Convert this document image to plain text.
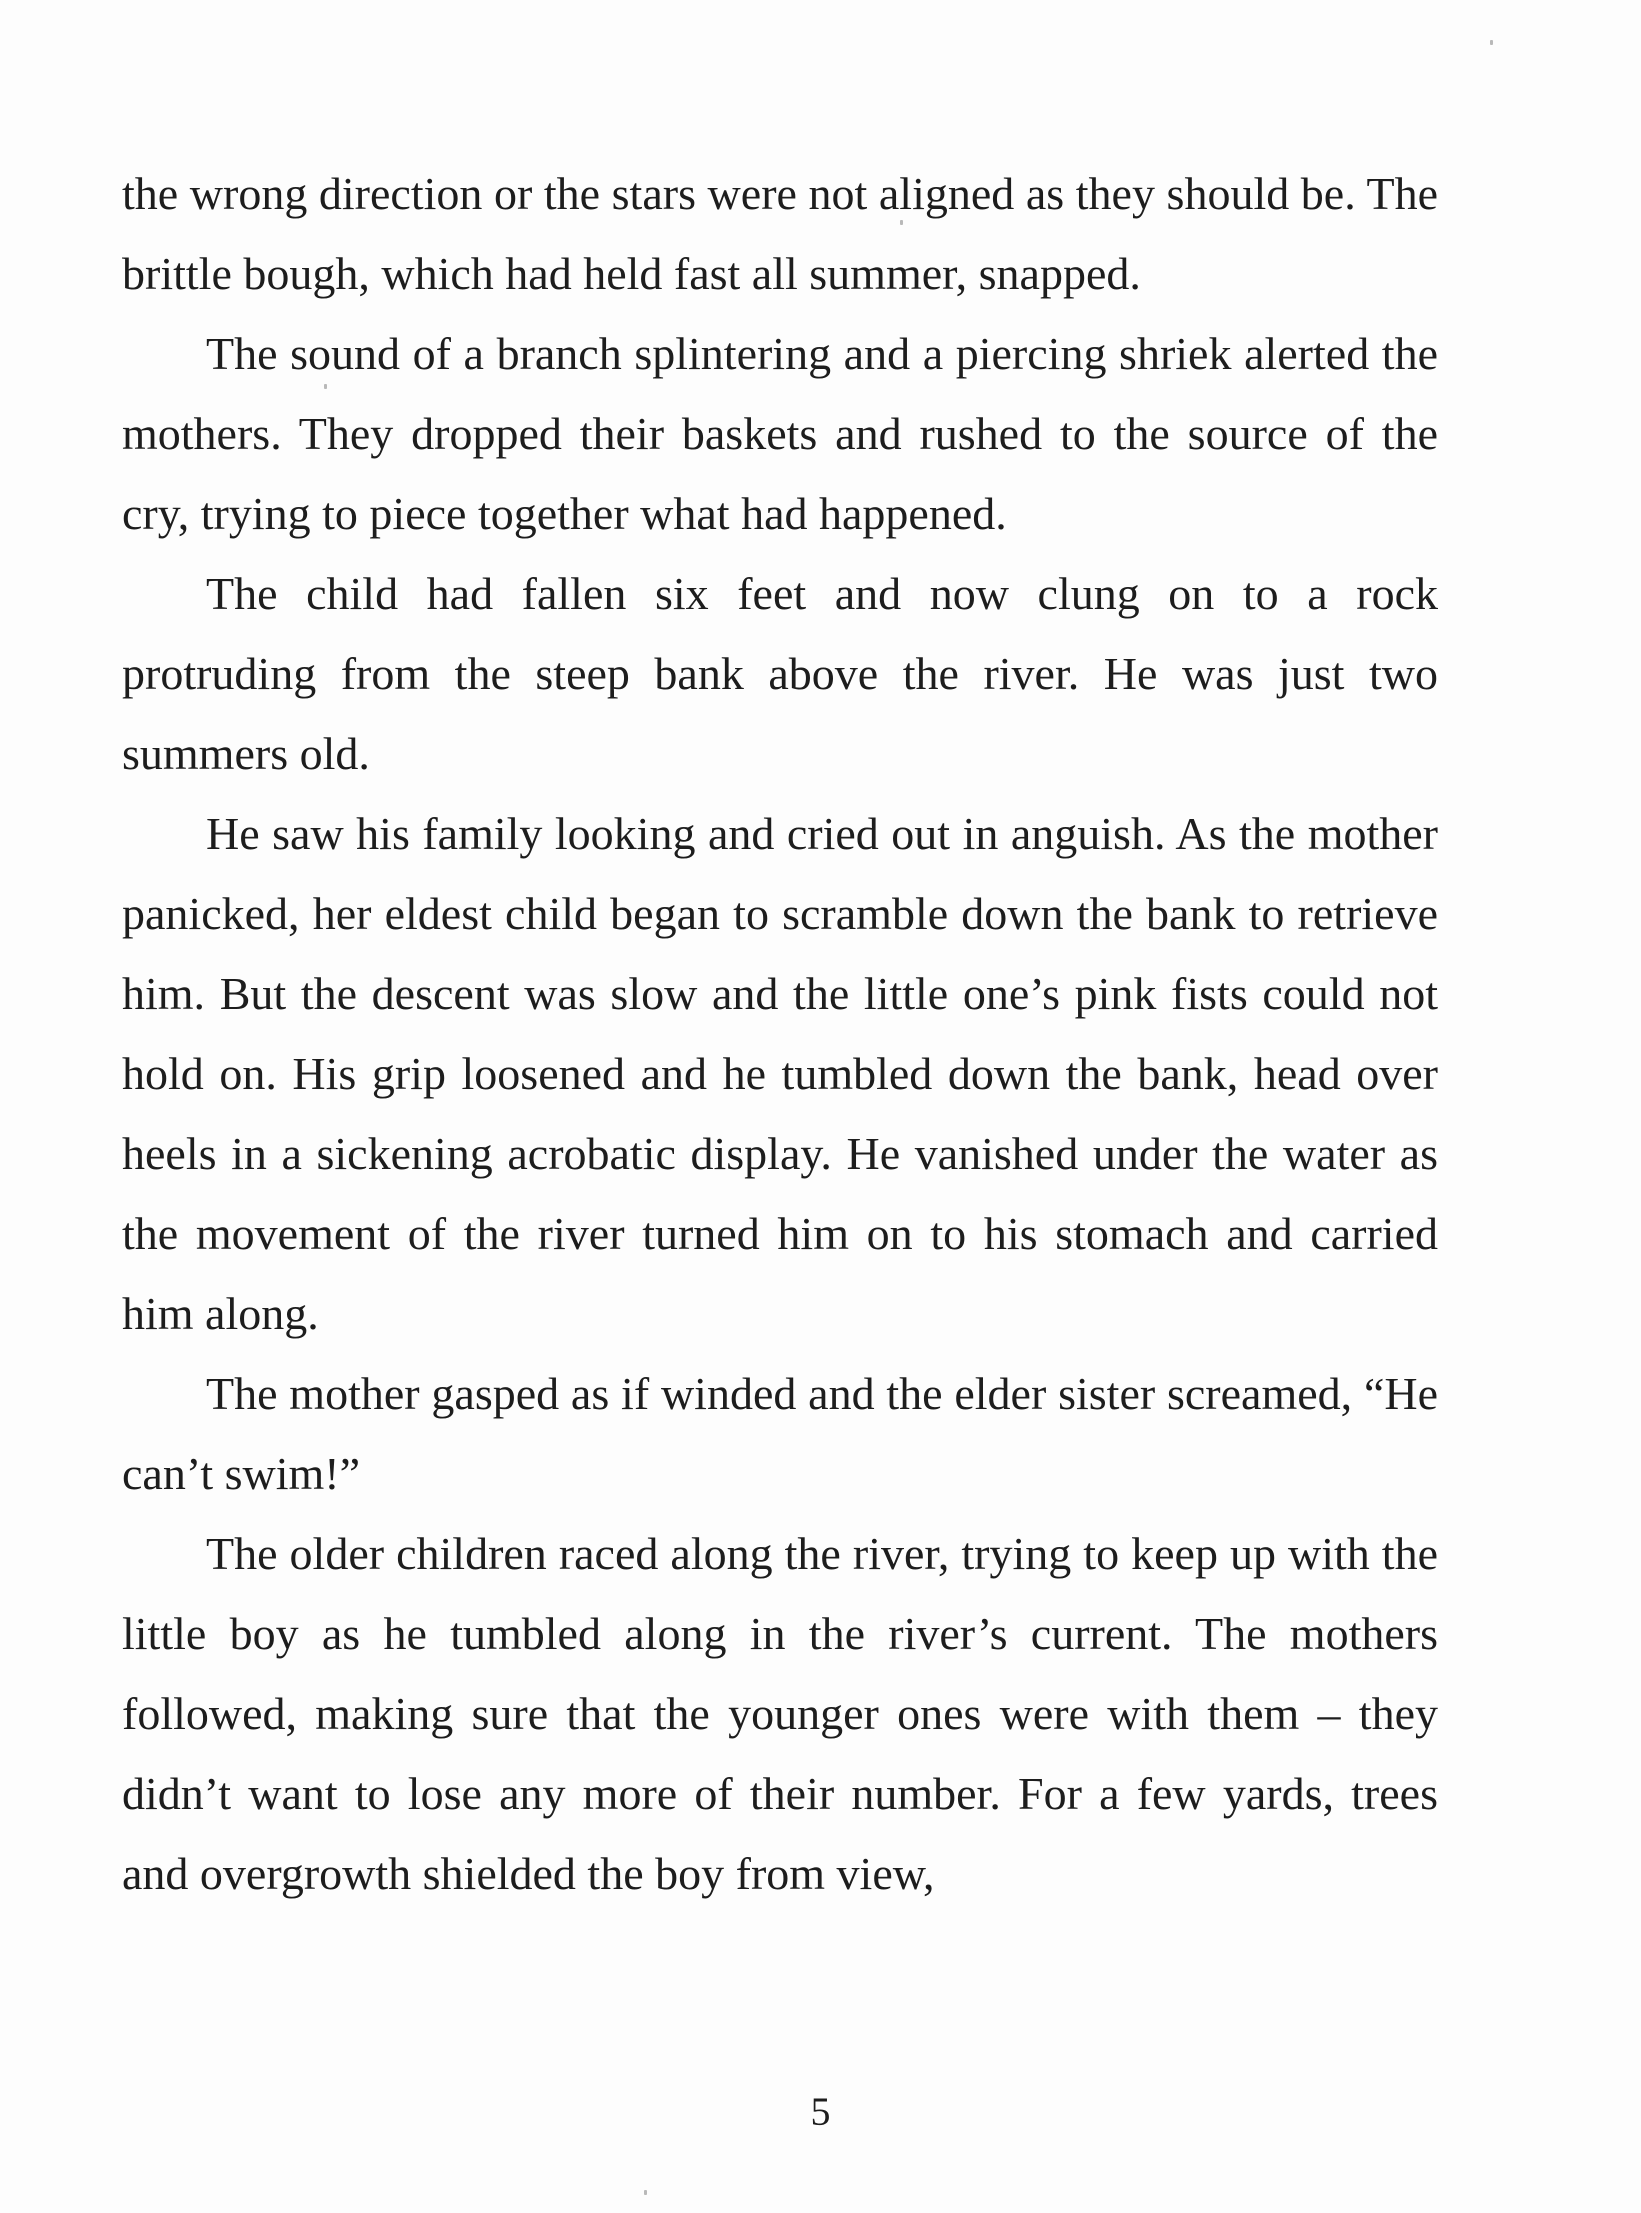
the wrong direction or the stars were not aligned as they should be. The brittle bough, which had held fast all summer, snapped.

The sound of a branch splintering and a piercing shriek alerted the mothers. They dropped their baskets and rushed to the source of the cry, trying to piece together what had happened.

The child had fallen six feet and now clung on to a rock protruding from the steep bank above the river. He was just two summers old.

He saw his family looking and cried out in anguish. As the mother panicked, her eldest child began to scramble down the bank to retrieve him. But the descent was slow and the little one’s pink fists could not hold on. His grip loosened and he tumbled down the bank, head over heels in a sickening acrobatic display. He vanished under the water as the movement of the river turned him on to his stomach and carried him along.

The mother gasped as if winded and the elder sister screamed, “He can’t swim!”

The older children raced along the river, trying to keep up with the little boy as he tumbled along in the river’s current. The mothers followed, making sure that the younger ones were with them – they didn’t want to lose any more of their number. For a few yards, trees and overgrowth shielded the boy from view,

5
